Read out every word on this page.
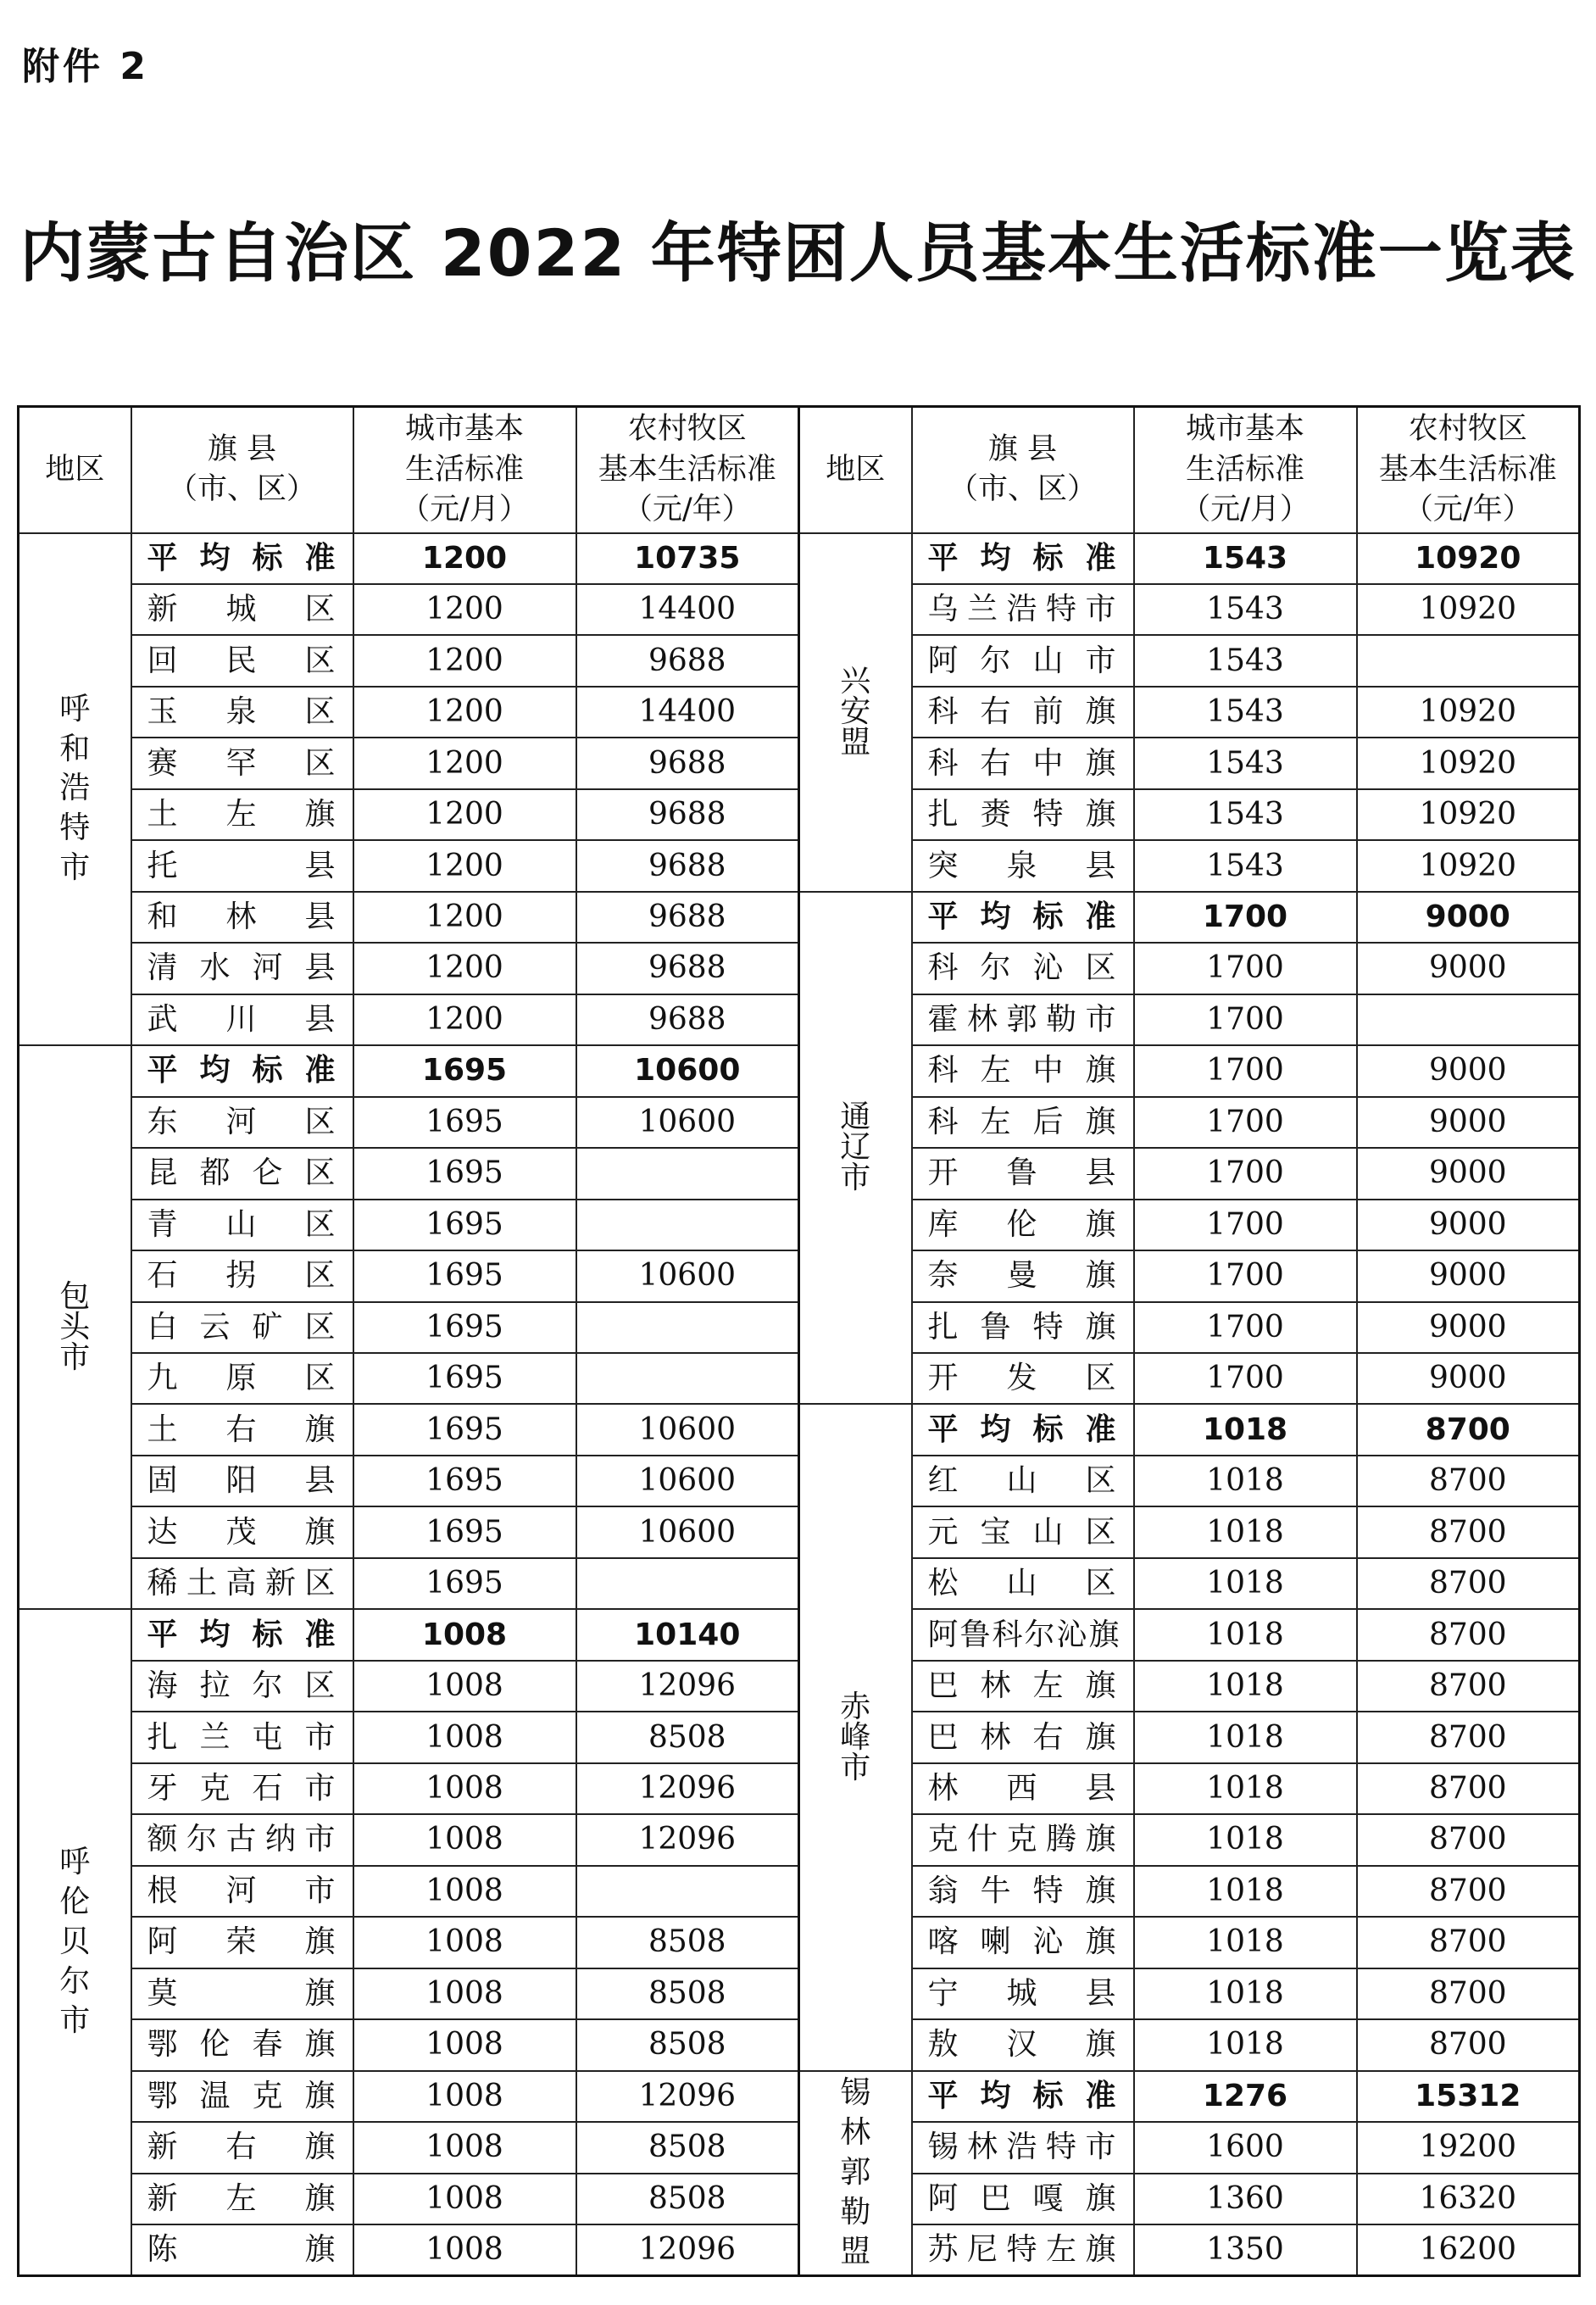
附件 2
内蒙古自治区 2022 年特困人员基本生活标准一览表
地区	旗 县
（市、区）	城市基本
生活标准
（元/月）	农村牧区
基本生活标准
（元/年）	地区	旗 县
（市、区）	城市基本
生活标准
（元/月）	农村牧区
基本生活标准
（元/年）
呼和浩特市	平均标准	1200	10735	兴安盟	平均标准	1543	10920
	新城区	1200	14400		乌兰浩特市	1543	10920
	回民区	1200	9688		阿尔山市	1543	
	玉泉区	1200	14400		科右前旗	1543	10920
	赛罕区	1200	9688		科右中旗	1543	10920
	土左旗	1200	9688		扎赉特旗	1543	10920
	托县	1200	9688		突泉县	1543	10920
	和林县	1200	9688	通辽市	平均标准	1700	9000
	清水河县	1200	9688		科尔沁区	1700	9000
	武川县	1200	9688		霍林郭勒市	1700	
包头市	平均标准	1695	10600		科左中旗	1700	9000
	东河区	1695	10600		科左后旗	1700	9000
	昆都仑区	1695			开鲁县	1700	9000
	青山区	1695			库伦旗	1700	9000
	石拐区	1695	10600		奈曼旗	1700	9000
	白云矿区	1695			扎鲁特旗	1700	9000
	九原区	1695			开发区	1700	9000
	土右旗	1695	10600	赤峰市	平均标准	1018	8700
	固阳县	1695	10600		红山区	1018	8700
	达茂旗	1695	10600		元宝山区	1018	8700
	稀土高新区	1695			松山区	1018	8700
呼伦贝尔市	平均标准	1008	10140		阿鲁科尔沁旗	1018	8700
	海拉尔区	1008	12096		巴林左旗	1018	8700
	扎兰屯市	1008	8508		巴林右旗	1018	8700
	牙克石市	1008	12096		林西县	1018	8700
	额尔古纳市	1008	12096		克什克腾旗	1018	8700
	根河市	1008			翁牛特旗	1018	8700
	阿荣旗	1008	8508		喀喇沁旗	1018	8700
	莫旗	1008	8508		宁城县	1018	8700
	鄂伦春旗	1008	8508		敖汉旗	1018	8700
	鄂温克旗	1008	12096	锡林郭勒盟	平均标准	1276	15312
	新右旗	1008	8508		锡林浩特市	1600	19200
	新左旗	1008	8508		阿巴嘎旗	1360	16320
	陈旗	1008	12096		苏尼特左旗	1350	16200
